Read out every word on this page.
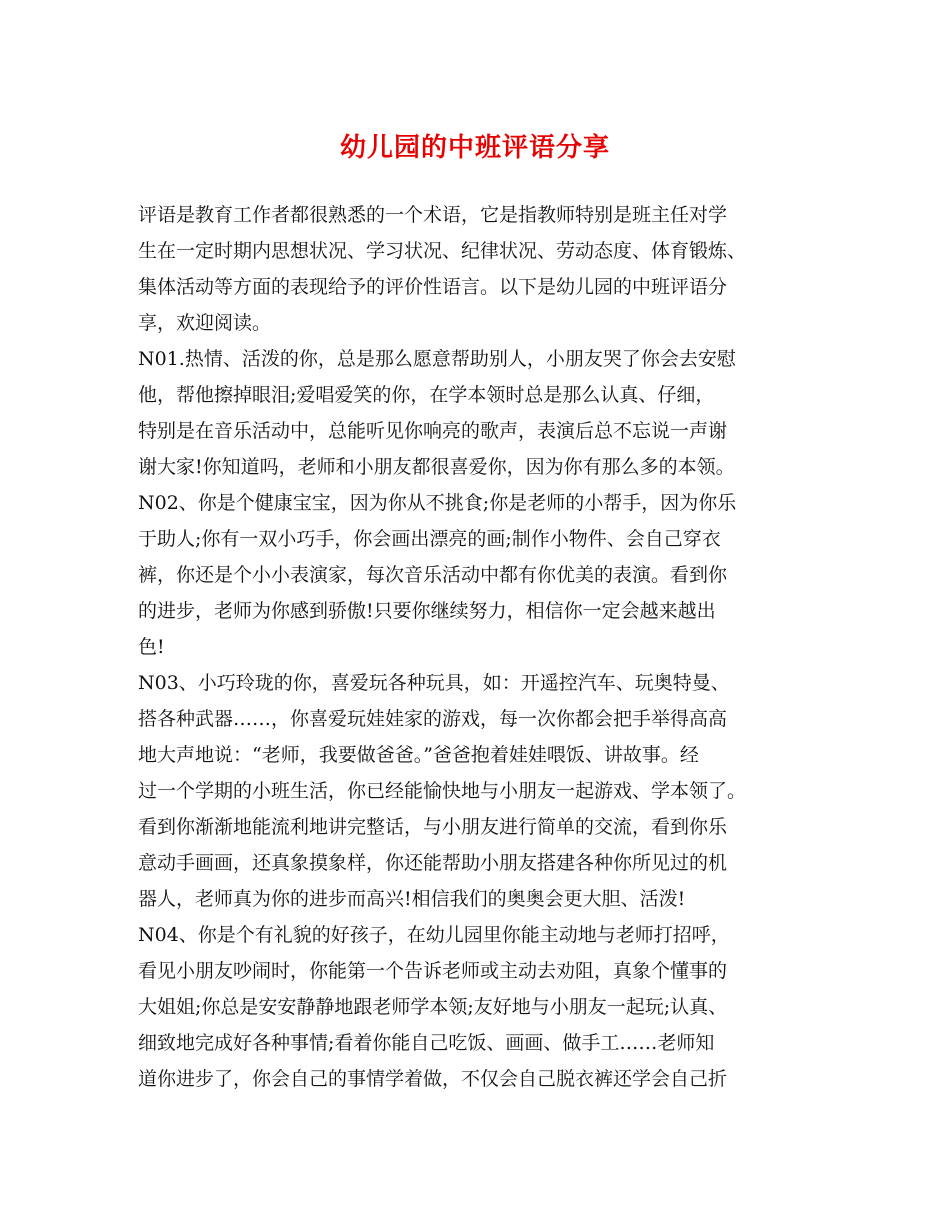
幼儿园的中班评语分享
评语是教育工作者都很熟悉的一个术语，它是指教师特别是班主任对学
生在一定时期内思想状况、学习状况、纪律状况、劳动态度、体育锻炼、
集体活动等方面的表现给予的评价性语言。以下是幼儿园的中班评语分
享，欢迎阅读。
N01.热情、活泼的你，总是那么愿意帮助别人，小朋友哭了你会去安慰
他，帮他擦掉眼泪;爱唱爱笑的你，在学本领时总是那么认真、仔细，
特别是在音乐活动中，总能听见你响亮的歌声，表演后总不忘说一声谢
谢大家!你知道吗，老师和小朋友都很喜爱你，因为你有那么多的本领。
N02、你是个健康宝宝，因为你从不挑食;你是老师的小帮手，因为你乐
于助人;你有一双小巧手，你会画出漂亮的画;制作小物件、会自己穿衣
裤，你还是个小小表演家，每次音乐活动中都有你优美的表演。看到你
的进步，老师为你感到骄傲!只要你继续努力，相信你一定会越来越出
色!
N03、小巧玲珑的你，喜爱玩各种玩具，如：开遥控汽车、玩奥特曼、
搭各种武器……，你喜爱玩娃娃家的游戏，每一次你都会把手举得高高
地大声地说：“老师，我要做爸爸。”爸爸抱着娃娃喂饭、讲故事。经
过一个学期的小班生活，你已经能愉快地与小朋友一起游戏、学本领了。
看到你渐渐地能流利地讲完整话，与小朋友进行简单的交流，看到你乐
意动手画画，还真象摸象样，你还能帮助小朋友搭建各种你所见过的机
器人，老师真为你的进步而高兴!相信我们的奥奥会更大胆、活泼!
N04、你是个有礼貌的好孩子，在幼儿园里你能主动地与老师打招呼，
看见小朋友吵闹时，你能第一个告诉老师或主动去劝阻，真象个懂事的
大姐姐;你总是安安静静地跟老师学本领;友好地与小朋友一起玩;认真、
细致地完成好各种事情;看着你能自己吃饭、画画、做手工……老师知
道你进步了，你会自己的事情学着做，不仅会自己脱衣裤还学会自己折
